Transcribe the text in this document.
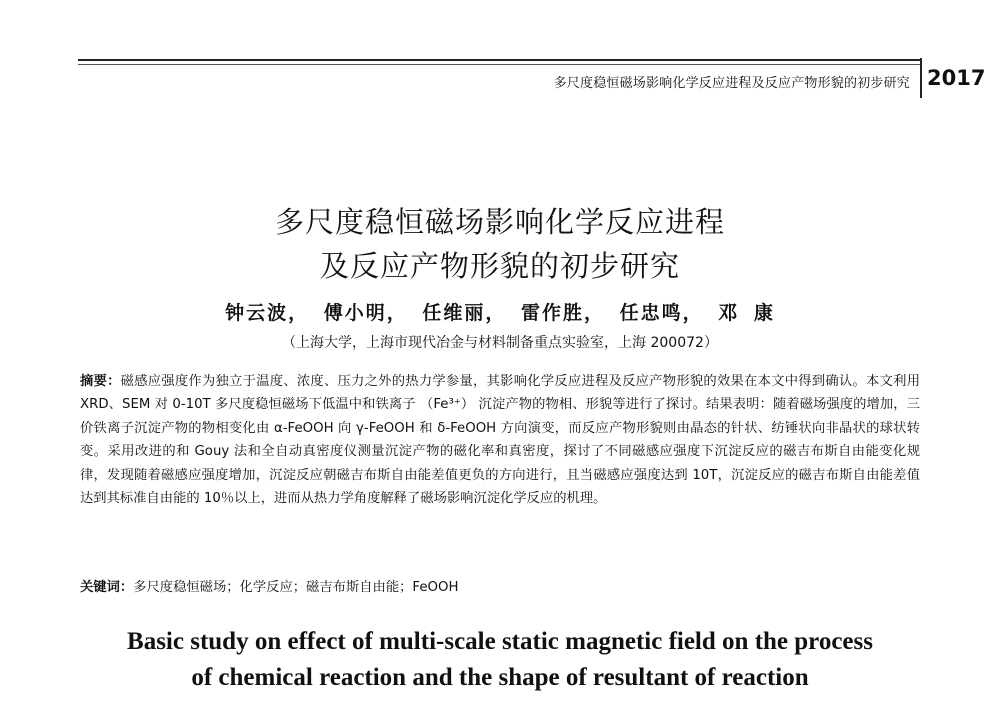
多尺度稳恒磁场影响化学反应进程及反应产物形貌的初步研究 2017
多尺度稳恒磁场影响化学反应进程
及反应产物形貌的初步研究
钟云波， 傅小明， 任维丽， 雷作胜， 任忠鸣， 邓 康
（上海大学，上海市现代冶金与材料制备重点实验室，上海 200072）
摘要：磁感应强度作为独立于温度、浓度、压力之外的热力学参量，其影响化学反应进程及反应产物形貌的效果在本文中得到确认。本文利用 XRD、SEM 对 0-10T 多尺度稳恒磁场下低温中和铁离子 （Fe³⁺） 沉淀产物的物相、形貌等进行了探讨。结果表明：随着磁场强度的增加，三价铁离子沉淀产物的物相变化由 α-FeOOH 向 γ-FeOOH 和 δ-FeOOH 方向演变，而反应产物形貌则由晶态的针状、纺锤状向非晶状的球状转变。采用改进的和 Gouy 法和全自动真密度仪测量沉淀产物的磁化率和真密度，探讨了不同磁感应强度下沉淀反应的磁吉布斯自由能变化规律，发现随着磁感应强度增加，沉淀反应朝磁吉布斯自由能差值更负的方向进行，且当磁感应强度达到 10T，沉淀反应的磁吉布斯自由能差值达到其标准自由能的 10％以上，进而从热力学角度解释了磁场影响沉淀化学反应的机理。
关键词：多尺度稳恒磁场；化学反应；磁吉布斯自由能；FeOOH
Basic study on effect of multi-scale static magnetic field on the process
of chemical reaction and the shape of resultant of reaction
